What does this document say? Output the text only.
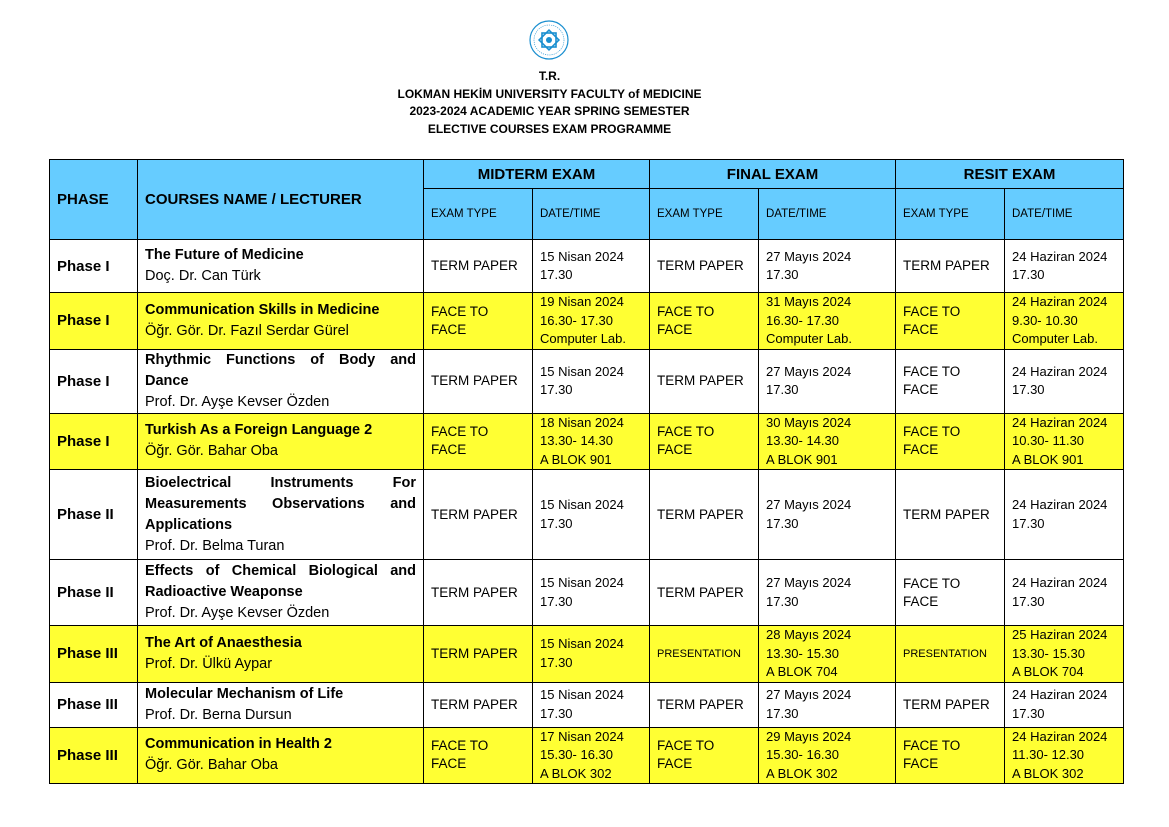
T.R.
LOKMAN HEKİM UNIVERSITY FACULTY of MEDICINE
2023-2024 ACADEMIC YEAR SPRING SEMESTER
ELECTIVE COURSES EXAM PROGRAMME
PHASE	COURSES NAME / LECTURER	MIDTERM EXAM		FINAL EXAM		RESIT EXAM	
		EXAM TYPE	DATE/TIME	EXAM TYPE	DATE/TIME	EXAM TYPE	DATE/TIME
Phase I	The Future of Medicine
Doç. Dr. Can Türk	TERM PAPER	15 Nisan 2024
17.30	TERM PAPER	27 Mayıs 2024
17.30	TERM PAPER	24 Haziran 2024
17.30

Phase I	Communication Skills in Medicine
Öğr. Gör. Dr. Fazıl Serdar Gürel	FACE TO
FACE	19 Nisan 2024
16.30- 17.30
Computer Lab.	FACE TO
FACE	31 Mayıs 2024
16.30- 17.30
Computer Lab.	FACE TO
FACE	24 Haziran 2024
9.30- 10.30
Computer Lab.

Phase I	Rhythmic Functions of Body and
Dance
Prof. Dr. Ayşe Kevser Özden	TERM PAPER	15 Nisan 2024
17.30	TERM PAPER	27 Mayıs 2024
17.30	FACE TO
FACE	24 Haziran 2024
17.30

Phase I	Turkish As a Foreign Language 2
Öğr. Gör. Bahar Oba	FACE TO
FACE	18 Nisan 2024
13.30- 14.30
A BLOK 901	FACE TO
FACE	30 Mayıs 2024
13.30- 14.30
A BLOK 901	FACE TO
FACE	24 Haziran 2024
10.30- 11.30
A BLOK 901

Phase II	Bioelectrical Instruments For
Measurements Observations and
Applications
Prof. Dr. Belma Turan	TERM PAPER	15 Nisan 2024
17.30	TERM PAPER	27 Mayıs 2024
17.30	TERM PAPER	24 Haziran 2024
17.30

Phase II	Effects of Chemical Biological and
Radioactive Weaponse
Prof. Dr. Ayşe Kevser Özden	TERM PAPER	15 Nisan 2024
17.30	TERM PAPER	27 Mayıs 2024
17.30	FACE TO
FACE	24 Haziran 2024
17.30

Phase III	The Art of Anaesthesia
Prof. Dr. Ülkü Aypar	TERM PAPER	15 Nisan 2024
17.30	PRESENTATION	28 Mayıs 2024
13.30- 15.30
A BLOK 704	PRESENTATION	25 Haziran 2024
13.30- 15.30
A BLOK 704

Phase III	Molecular Mechanism of Life
Prof. Dr. Berna Dursun	TERM PAPER	15 Nisan 2024
17.30	TERM PAPER	27 Mayıs 2024
17.30	TERM PAPER	24 Haziran 2024
17.30

Phase III	Communication in Health 2
Öğr. Gör. Bahar Oba	FACE TO
FACE	17 Nisan 2024
15.30- 16.30
A BLOK 302	FACE TO
FACE	29 Mayıs 2024
15.30- 16.30
A BLOK 302	FACE TO
FACE	24 Haziran 2024
11.30- 12.30
A BLOK 302
